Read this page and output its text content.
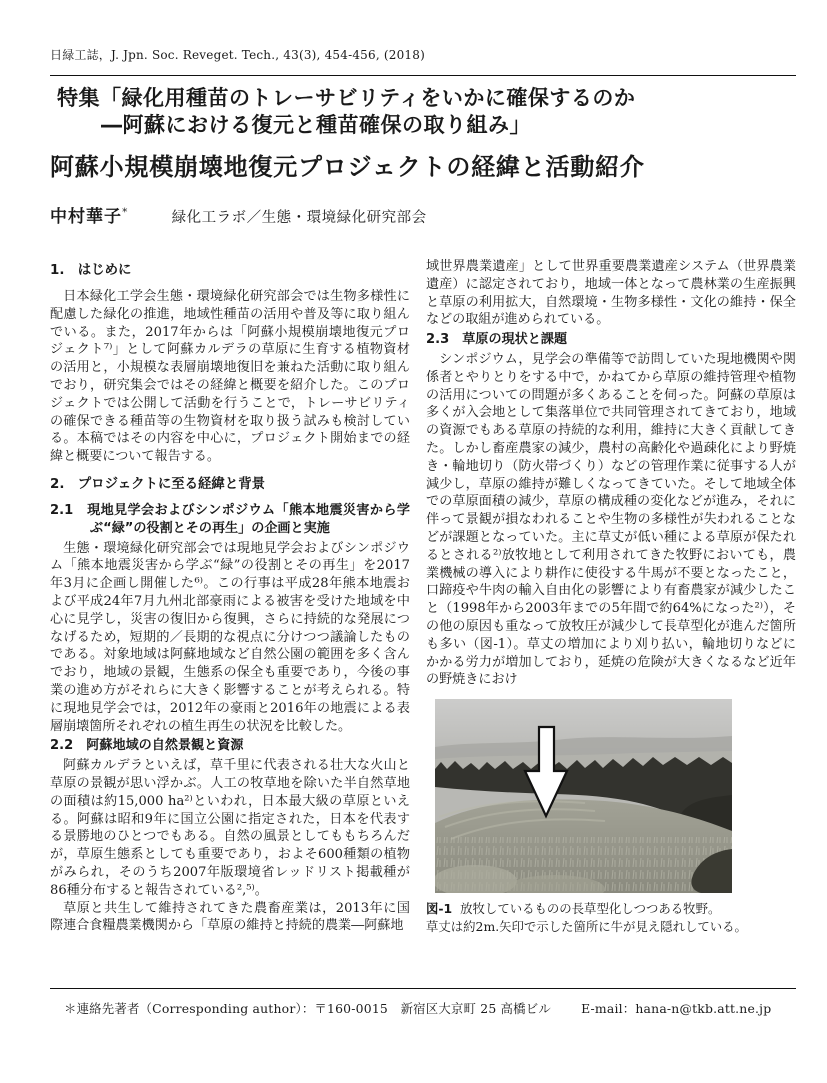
日緑工誌，J. Jpn. Soc. Reveget. Tech., 43(3), 454-456, (2018)
特集「緑化用種苗のトレーサビリティをいかに確保するのか
―阿蘇における復元と種苗確保の取り組み」
阿蘇小規模崩壊地復元プロジェクトの経緯と活動紹介
中村華子*	緑化工ラボ／生態・環境緑化研究部会
1.　はじめに

日本緑化工学会生態・環境緑化研究部会では生物多様性に配慮した緑化の推進，地域性種苗の活用や普及等に取り組んでいる。また，2017年からは「阿蘇小規模崩壊地復元プロジェクト⁷⁾」として阿蘇カルデラの草原に生育する植物資材の活用と，小規模な表層崩壊地復旧を兼ねた活動に取り組んでおり，研究集会ではその経緯と概要を紹介した。このプロジェクトでは公開して活動を行うことで，トレーサビリティの確保できる種苗等の生物資材を取り扱う試みも検討している。本稿ではその内容を中心に，プロジェクト開始までの経緯と概要について報告する。

2.　プロジェクトに至る経緯と背景
2.1　現地見学会およびシンポジウム「熊本地震災害から学ぶ“緑”の役割とその再生」の企画と実施

生態・環境緑化研究部会では現地見学会およびシンポジウム「熊本地震災害から学ぶ“緑”の役割とその再生」を2017年3月に企画し開催した⁶⁾。この行事は平成28年熊本地震および平成24年7月九州北部豪雨による被害を受けた地域を中心に見学し，災害の復旧から復興，さらに持続的な発展につなげるため，短期的／長期的な視点に分けつつ議論したものである。対象地域は阿蘇地域など自然公園の範囲を多く含んでおり，地域の景観，生態系の保全も重要であり，今後の事業の進め方がそれらに大きく影響することが考えられる。特に現地見学会では，2012年の豪雨と2016年の地震による表層崩壊箇所それぞれの植生再生の状況を比較した。

2.2　阿蘇地域の自然景観と資源

阿蘇カルデラといえば，草千里に代表される壮大な火山と草原の景観が思い浮かぶ。人工の牧草地を除いた半自然草地の面積は約15,000 ha²⁾といわれ，日本最大級の草原といえる。阿蘇は昭和9年に国立公園に指定された，日本を代表する景勝地のひとつでもある。自然の風景としてももちろんだが，草原生態系としても重要であり，およそ600種類の植物がみられ，そのうち2007年版環境省レッドリスト掲載種が86種分布すると報告されている²,⁵⁾。

草原と共生して維持されてきた農畜産業は，2013年に国際連合食糧農業機関から「草原の維持と持続的農業―阿蘇地

域世界農業遺産」として世界重要農業遺産システム（世界農業遺産）に認定されており，地域一体となって農林業の生産振興と草原の利用拡大，自然環境・生物多様性・文化の維持・保全などの取組が進められている。

2.3　草原の現状と課題

シンポジウム，見学会の準備等で訪問していた現地機関や関係者とやりとりをする中で，かねてから草原の維持管理や植物の活用についての問題が多くあることを伺った。阿蘇の草原は多くが入会地として集落単位で共同管理されてきており，地域の資源でもある草原の持続的な利用，維持に大きく貢献してきた。しかし畜産農家の減少，農村の高齢化や過疎化により野焼き・輪地切り（防火帯づくり）などの管理作業に従事する人が減少し，草原の維持が難しくなってきていた。そして地域全体での草原面積の減少，草原の構成種の変化などが進み，それに伴って景観が損なわれることや生物の多様性が失われることなどが課題となっていた。主に草丈が低い種による草原が保たれるとされる²⁾放牧地として利用されてきた牧野においても，農業機械の導入により耕作に使役する牛馬が不要となったこと，口蹄疫や牛肉の輸入自由化の影響により有畜農家が減少したこと（1998年から2003年までの5年間で約64%になった²⁾），その他の原因も重なって放牧圧が減少して長草型化が進んだ箇所も多い（図-1）。草丈の増加により刈り払い，輪地切りなどにかかる労力が増加しており，延焼の危険が大きくなるなど近年の野焼きにおけ

図-1 放牧しているものの長草型化しつつある牧野。
草丈は約2m.矢印で示した箇所に牛が見え隠れしている。
＊連絡先著者（Corresponding author）：〒160-0015　新宿区大京町 25 高橋ビル E-mail：hana-n@tkb.att.ne.jp
